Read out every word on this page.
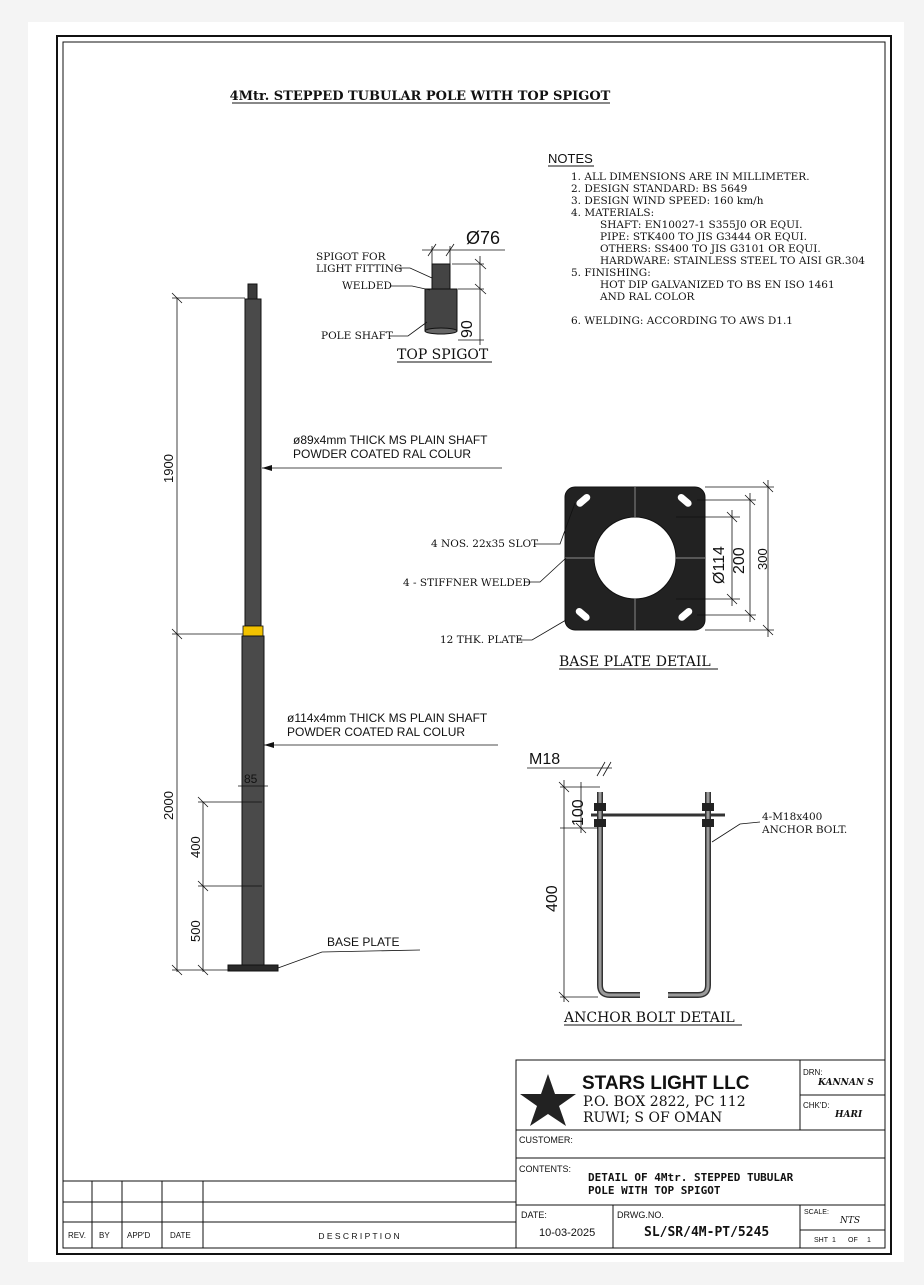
4Mtr. STEPPED TUBULAR POLE WITH TOP SPIGOT
NOTES
1. ALL DIMENSIONS ARE IN MILLIMETER.
2. DESIGN STANDARD: BS 5649
3. DESIGN WIND SPEED: 160 km/h
4. MATERIALS:
SHAFT: EN10027-1 S355J0 OR EQUI.
PIPE: STK400 TO JIS G3444 OR EQUI.
OTHERS: SS400 TO JIS G3101 OR EQUI.
HARDWARE: STAINLESS STEEL TO AISI GR.304
5. FINISHING:
HOT DIP GALVANIZED TO BS EN ISO 1461
AND RAL COLOR
6. WELDING: ACCORDING TO AWS D1.1
Ø76
90
SPIGOT FOR
LIGHT FITTING
WELDED
POLE SHAFT
TOP SPIGOT
1900
2000
400
500
85
ø89x4mm THICK MS PLAIN SHAFT
POWDER COATED RAL COLUR
ø114x4mm THICK MS PLAIN SHAFT
POWDER COATED RAL COLUR
BASE PLATE
Ø114 200 300
4 NOS. 22x35 SLOT
4 - STIFFNER WELDED
12 THK. PLATE
BASE PLATE DETAIL
M18
100
400
4-M18x400
ANCHOR BOLT.
ANCHOR BOLT DETAIL
STARS LIGHT LLC
P.O. BOX 2822, PC 112
RUWI; S OF OMAN
DRN:
KANNAN S
CHK'D:
HARI
CUSTOMER:
CONTENTS:
DETAIL OF 4Mtr. STEPPED TUBULAR
POLE WITH TOP SPIGOT
DATE:
10-03-2025
DRWG.NO.
SL/SR/4M-PT/5245
SCALE:
NTS
SHT 1 OF 1
REV. BY APP'D DATE	D E S C R I P T I O N
